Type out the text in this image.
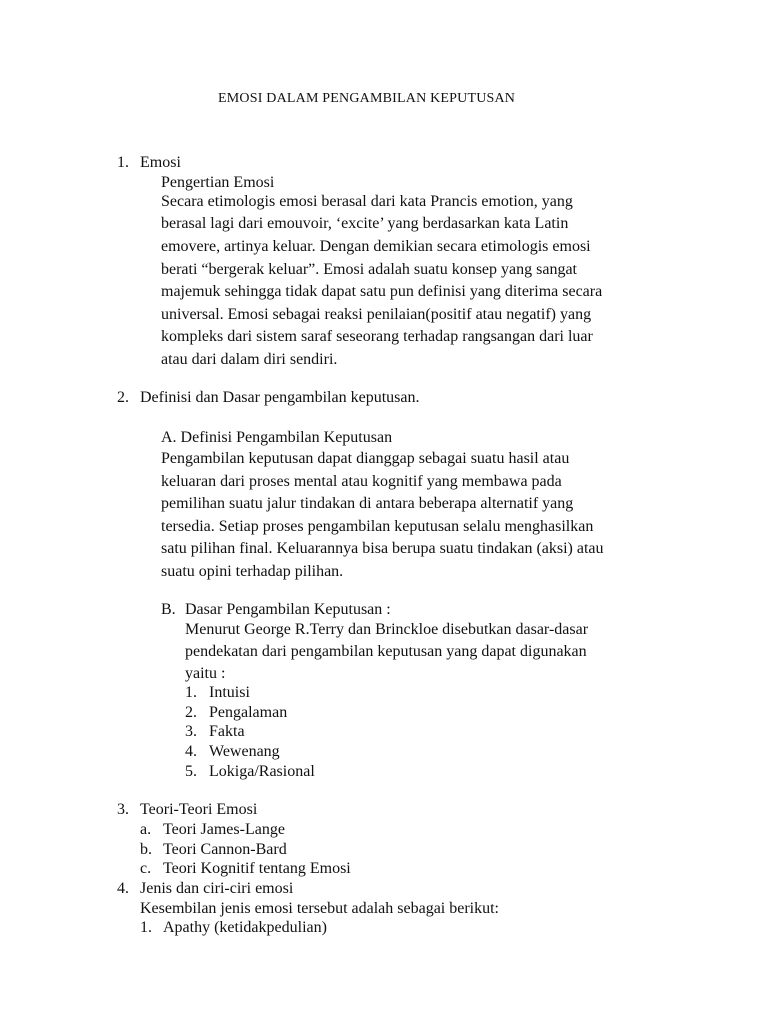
EMOSI DALAM PENGAMBILAN KEPUTUSAN
1. Emosi
Pengertian Emosi
Secara etimologis emosi berasal dari kata Prancis emotion, yang
berasal lagi dari emouvoir, ‘excite’ yang berdasarkan kata Latin
emovere, artinya keluar. Dengan demikian secara etimologis emosi
berati “bergerak keluar”. Emosi adalah suatu konsep yang sangat
majemuk sehingga tidak dapat satu pun definisi yang diterima secara
universal. Emosi sebagai reaksi penilaian(positif atau negatif) yang
kompleks dari sistem saraf seseorang terhadap rangsangan dari luar
atau dari dalam diri sendiri.
2. Definisi dan Dasar pengambilan keputusan.
A. Definisi Pengambilan Keputusan
Pengambilan keputusan dapat dianggap sebagai suatu hasil atau
keluaran dari proses mental atau kognitif yang membawa pada
pemilihan suatu jalur tindakan di antara beberapa alternatif yang
tersedia. Setiap proses pengambilan keputusan selalu menghasilkan
satu pilihan final. Keluarannya bisa berupa suatu tindakan (aksi) atau
suatu opini terhadap pilihan.
B. Dasar Pengambilan Keputusan :
Menurut George R.Terry dan Brinckloe disebutkan dasar-dasar
pendekatan dari pengambilan keputusan yang dapat digunakan
yaitu :
1. Intuisi
2. Pengalaman
3. Fakta
4. Wewenang
5. Lokiga/Rasional
3. Teori-Teori Emosi
a. Teori James-Lange
b. Teori Cannon-Bard
c. Teori Kognitif tentang Emosi
4. Jenis dan ciri-ciri emosi
Kesembilan jenis emosi tersebut adalah sebagai berikut:
1. Apathy (ketidakpedulian)
